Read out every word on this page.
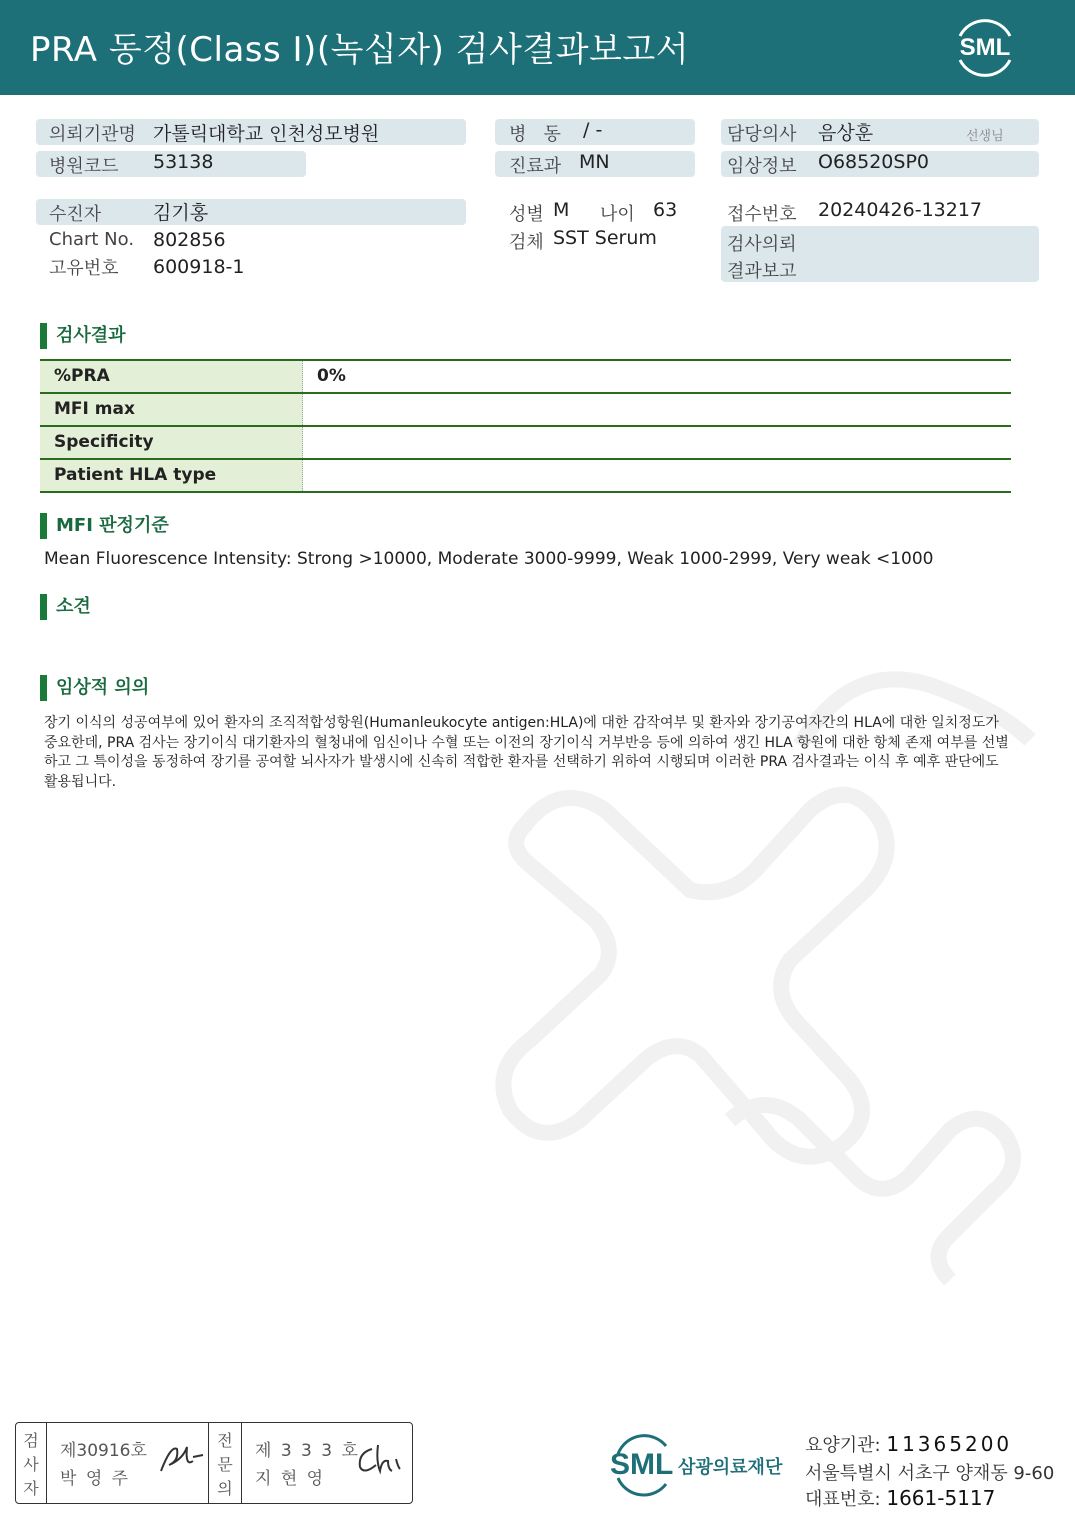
PRA 동정(Class I)(녹십자) 검사결과보고서	SML
의뢰기관명 가톨릭대학교 인천성모병원
병원코드 53138
병   동 / -
진료과 MN
담당의사 음상훈	선생님
임상정보 O68520SP0
수진자	김기홍
Chart No. 802856
고유번호 600918-1
성별 M 나이 63
검체 SST Serum
접수번호 20240426-13217
검사의뢰
결과보고
검사결과
%PRA	0%
MFI max
Specificity
Patient HLA type
MFI 판정기준
Mean Fluorescence Intensity: Strong >10000, Moderate 3000-9999, Weak 1000-2999, Very weak <1000
소견
임상적 의의
장기 이식의 성공여부에 있어 환자의 조직적합성항원(Humanleukocyte antigen:HLA)에 대한 감작여부 및 환자와 장기공여자간의 HLA에 대한 일치정도가 중요한데, PRA 검사는 장기이식 대기환자의 혈청내에 임신이나 수혈 또는 이전의 장기이식 거부반응 등에 의하여 생긴 HLA 항원에 대한 항체 존재 여부를 선별하고 그 특이성을 동정하여 장기를 공여할 뇌사자가 발생시에 신속히 적합한 환자를 선택하기 위하여 시행되며 이러한 PRA 검사결과는 이식 후 예후 판단에도 활용됩니다.
검
사
자
제30916호
박 영 주
전
문
의
제 3 3 3 호
지 현 영	SML 삼광의료재단
요양기관: 11365200
서울특별시 서초구 양재동 9-60
대표번호: 1661-5117
